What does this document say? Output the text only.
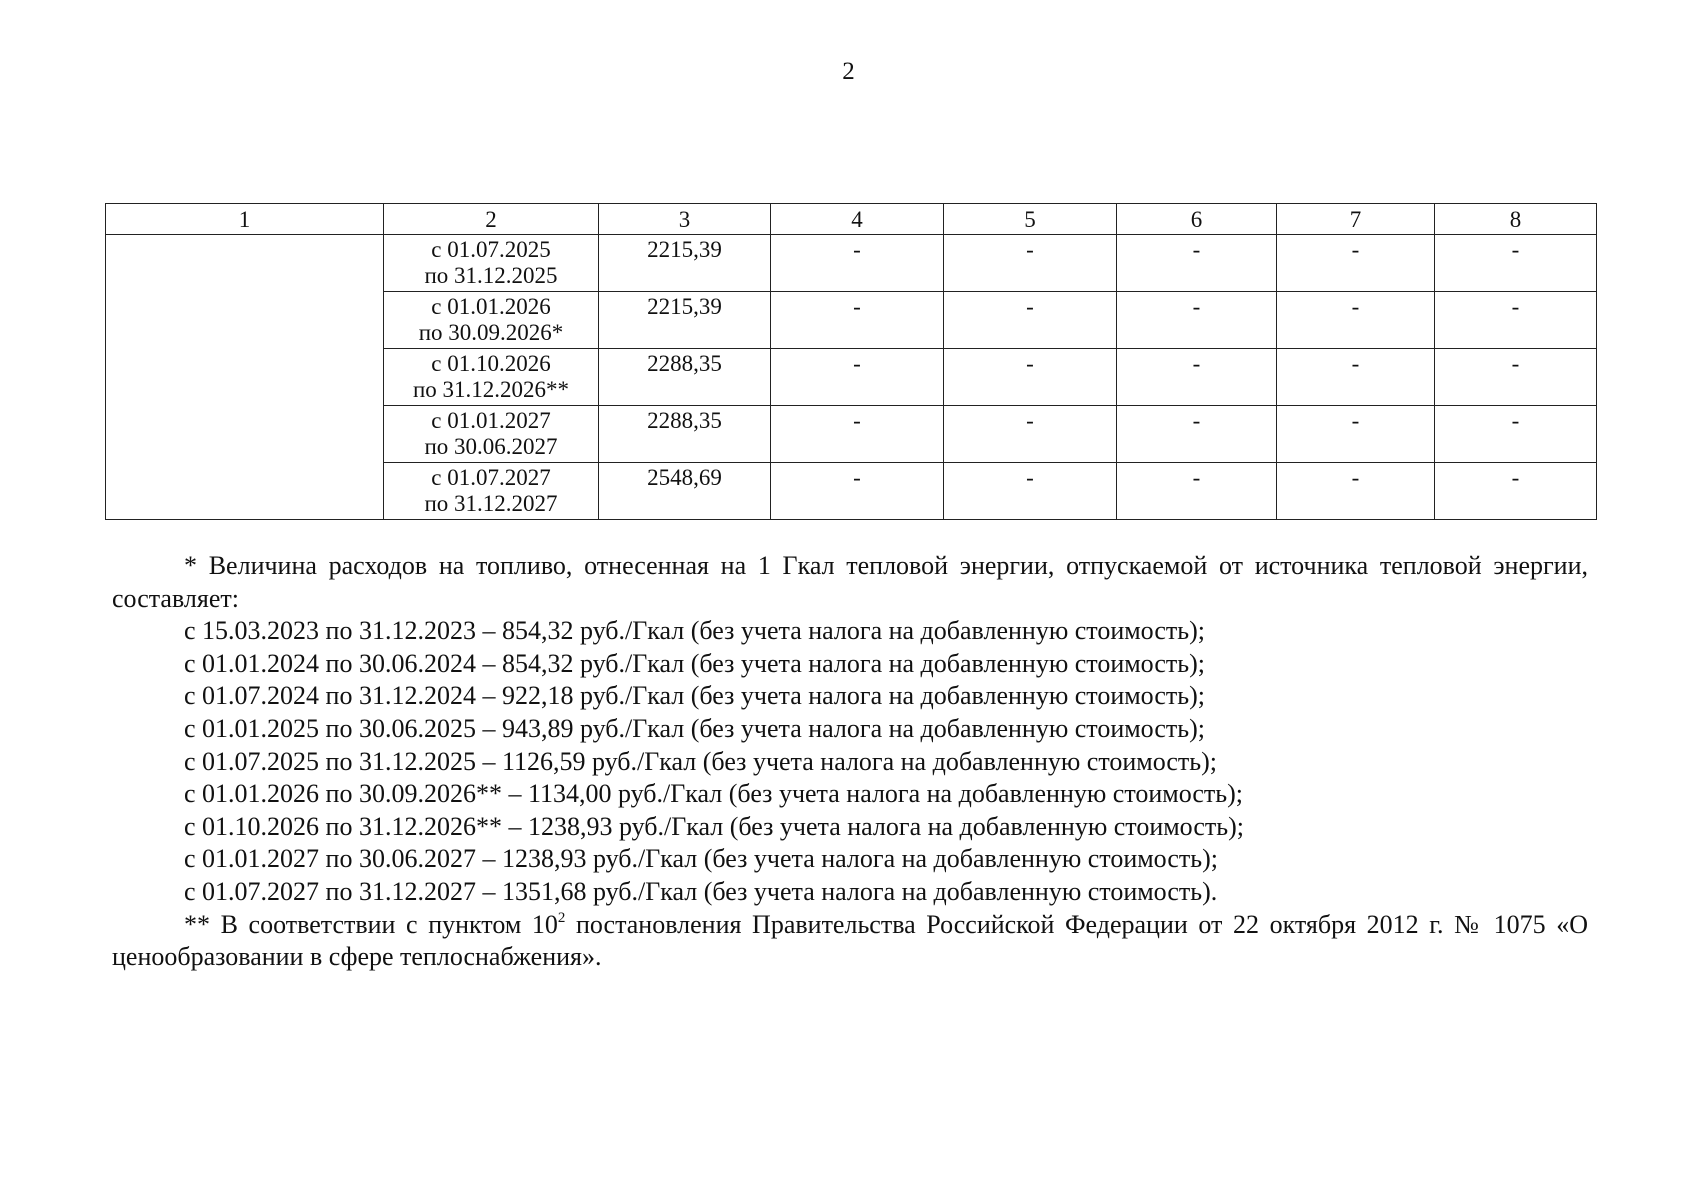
2
1	2	3	4	5	6	7	8

	с 01.07.2025
по 31.12.2025	2215,39	-	-	-	-	-

	с 01.01.2026
по 30.09.2026*	2215,39	-	-	-	-	-

	с 01.10.2026
по 31.12.2026**	2288,35	-	-	-	-	-

	с 01.01.2027
по 30.06.2027	2288,35	-	-	-	-	-

	с 01.07.2027
по 31.12.2027	2548,69	-	-	-	-	-

* Величина расходов на топливо, отнесенная на 1 Гкал тепловой энергии, отпускаемой от источника тепловой энергии, составляет:

с 15.03.2023 по 31.12.2023 – 854,32 руб./Гкал (без учета налога на добавленную стоимость);

с 01.01.2024 по 30.06.2024 – 854,32 руб./Гкал (без учета налога на добавленную стоимость);

с 01.07.2024 по 31.12.2024 – 922,18 руб./Гкал (без учета налога на добавленную стоимость);

с 01.01.2025 по 30.06.2025 – 943,89 руб./Гкал (без учета налога на добавленную стоимость);

с 01.07.2025 по 31.12.2025 – 1126,59 руб./Гкал (без учета налога на добавленную стоимость);

с 01.01.2026 по 30.09.2026** – 1134,00 руб./Гкал (без учета налога на добавленную стоимость);

с 01.10.2026 по 31.12.2026** – 1238,93 руб./Гкал (без учета налога на добавленную стоимость);

с 01.01.2027 по 30.06.2027 – 1238,93 руб./Гкал (без учета налога на добавленную стоимость);

с 01.07.2027 по 31.12.2027 – 1351,68 руб./Гкал (без учета налога на добавленную стоимость).

** В соответствии с пунктом $10^2$ постановления Правительства Российской Федерации от 22 октября 2012 г. № 1075 «О ценообразовании в сфере теплоснабжения».
